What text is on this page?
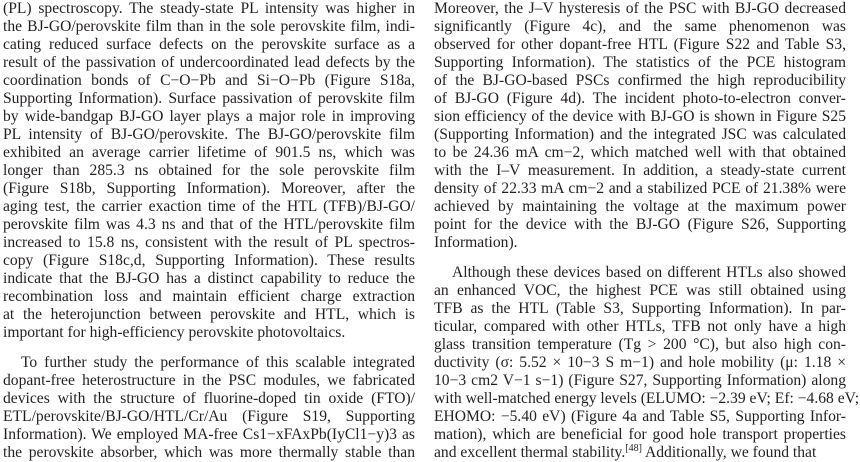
(PL) spectroscopy. The steady-state PL intensity was higher in
the BJ-GO/perovskite film than in the sole perovskite film, indi-
cating reduced surface defects on the perovskite surface as a
result of the passivation of undercoordinated lead defects by the
coordination bonds of C−O−Pb and Si−O−Pb (Figure S18a,
Supporting Information). Surface passivation of perovskite film
by wide-bandgap BJ-GO layer plays a major role in improving
PL intensity of BJ-GO/perovskite. The BJ-GO/perovskite film
exhibited an average carrier lifetime of 901.5 ns, which was
longer than 285.3 ns obtained for the sole perovskite film
(Figure S18b, Supporting Information). Moreover, after the
aging test, the carrier exaction time of the HTL (TFB)/BJ-GO/
perovskite film was 4.3 ns and that of the HTL/perovskite film
increased to 15.8 ns, consistent with the result of PL spectros-
copy (Figure S18c,d, Supporting Information). These results
indicate that the BJ-GO has a distinct capability to reduce the
recombination loss and maintain efficient charge extraction
at the heterojunction between perovskite and HTL, which is
important for high-efficiency perovskite photovoltaics.
To further study the performance of this scalable integrated
dopant-free heterostructure in the PSC modules, we fabricated
devices with the structure of fluorine-doped tin oxide (FTO)/
ETL/perovskite/BJ-GO/HTL/Cr/Au (Figure S19, Supporting
Information). We employed MA-free Cs1−xFAxPb(IyCl1−y)3 as
the perovskite absorber, which was more thermally stable than
Moreover, the J–V hysteresis of the PSC with BJ-GO decreased
significantly (Figure 4c), and the same phenomenon was
observed for other dopant-free HTL (Figure S22 and Table S3,
Supporting Information). The statistics of the PCE histogram
of the BJ-GO-based PSCs confirmed the high reproducibility
of BJ-GO (Figure 4d). The incident photo-to-electron conver-
sion efficiency of the device with BJ-GO is shown in Figure S25
(Supporting Information) and the integrated JSC was calculated
to be 24.36 mA cm−2, which matched well with that obtained
with the I–V measurement. In addition, a steady-state current
density of 22.33 mA cm−2 and a stabilized PCE of 21.38% were
achieved by maintaining the voltage at the maximum power
point for the device with the BJ-GO (Figure S26, Supporting
Information).
Although these devices based on different HTLs also showed
an enhanced VOC, the highest PCE was still obtained using
TFB as the HTL (Table S3, Supporting Information). In par-
ticular, compared with other HTLs, TFB not only have a high
glass transition temperature (Tg > 200 °C), but also high con-
ductivity (σ: 5.52 × 10−3 S m−1) and hole mobility (μ: 1.18 ×
10−3 cm2 V−1 s−1) (Figure S27, Supporting Information) along
with well-matched energy levels (ELUMO: −2.39 eV; Ef: −4.68 eV;
EHOMO: −5.40 eV) (Figure 4a and Table S5, Supporting Infor-
mation), which are beneficial for good hole transport properties
and excellent thermal stability.[48] Additionally, we found that
